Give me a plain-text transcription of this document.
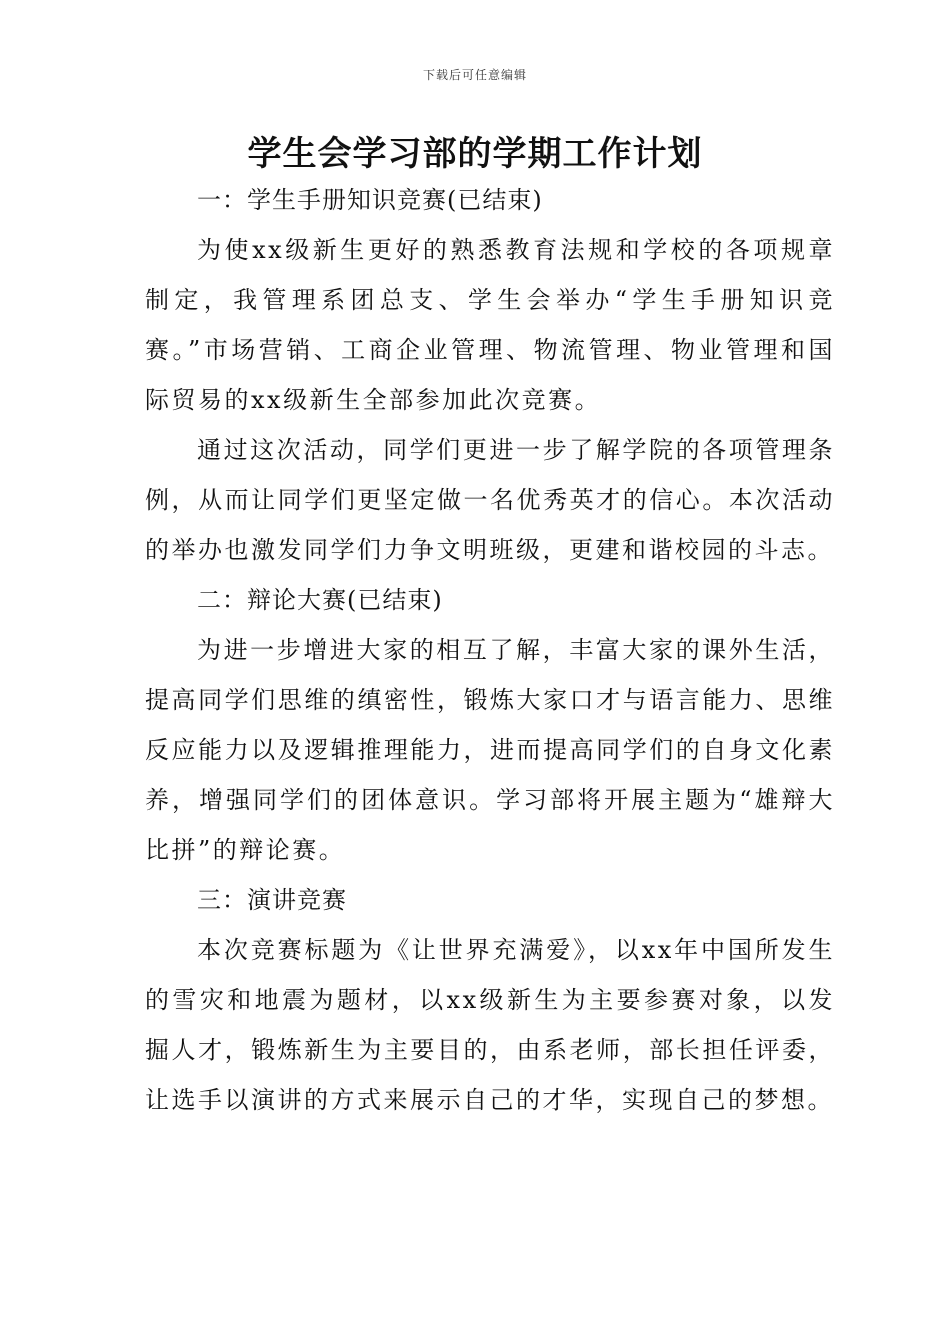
下载后可任意编辑
学生会学习部的学期工作计划

一：学生手册知识竞赛(已结束)

为使xx级新生更好的熟悉教育法规和学校的各项规章制定，我管理系团总支、学生会举办“学生手册知识竞赛。”市场营销、工商企业管理、物流管理、物业管理和国际贸易的xx级新生全部参加此次竞赛。

通过这次活动，同学们更进一步了解学院的各项管理条例，从而让同学们更坚定做一名优秀英才的信心。本次活动的举办也激发同学们力争文明班级，更建和谐校园的斗志。

二：辩论大赛(已结束)

为进一步增进大家的相互了解，丰富大家的课外生活，提高同学们思维的缜密性，锻炼大家口才与语言能力、思维反应能力以及逻辑推理能力，进而提高同学们的自身文化素养，增强同学们的团体意识。学习部将开展主题为“雄辩大比拼”的辩论赛。

三：演讲竞赛

本次竞赛标题为《让世界充满爱》，以xx年中国所发生的雪灾和地震为题材，以xx级新生为主要参赛对象，以发掘人才，锻炼新生为主要目的，由系老师，部长担任评委，让选手以演讲的方式来展示自己的才华，实现自己的梦想。
